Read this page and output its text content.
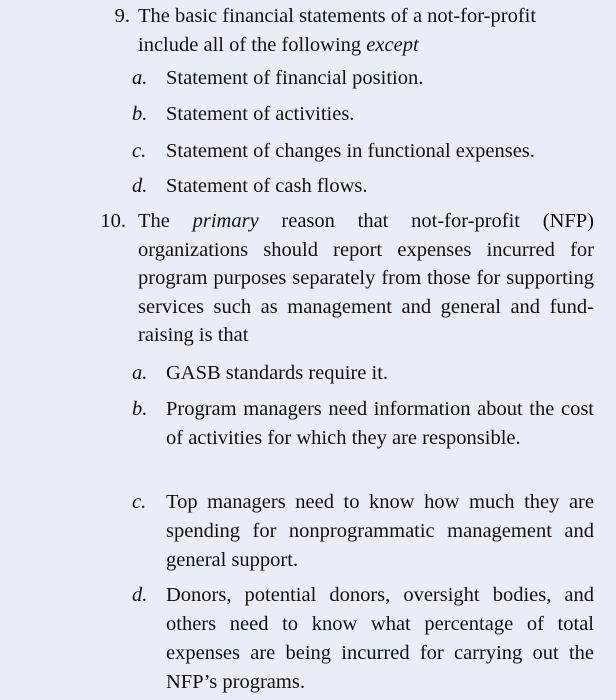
9. The basic financial statements of a not-for-profit include all of the following except
a. Statement of financial position.
b. Statement of activities.
c. Statement of changes in functional expenses.
d. Statement of cash flows.
10. The primary reason that not-for-profit (NFP) organizations should report expenses incurred for program purposes separately from those for supporting services such as management and general and fund-raising is that
a. GASB standards require it.
b. Program managers need information about the cost of activities for which they are responsible.
c. Top managers need to know how much they are spending for nonprogrammatic management and general support.
d. Donors, potential donors, oversight bodies, and others need to know what percentage of total expenses are being incurred for carrying out the NFP’s programs.
